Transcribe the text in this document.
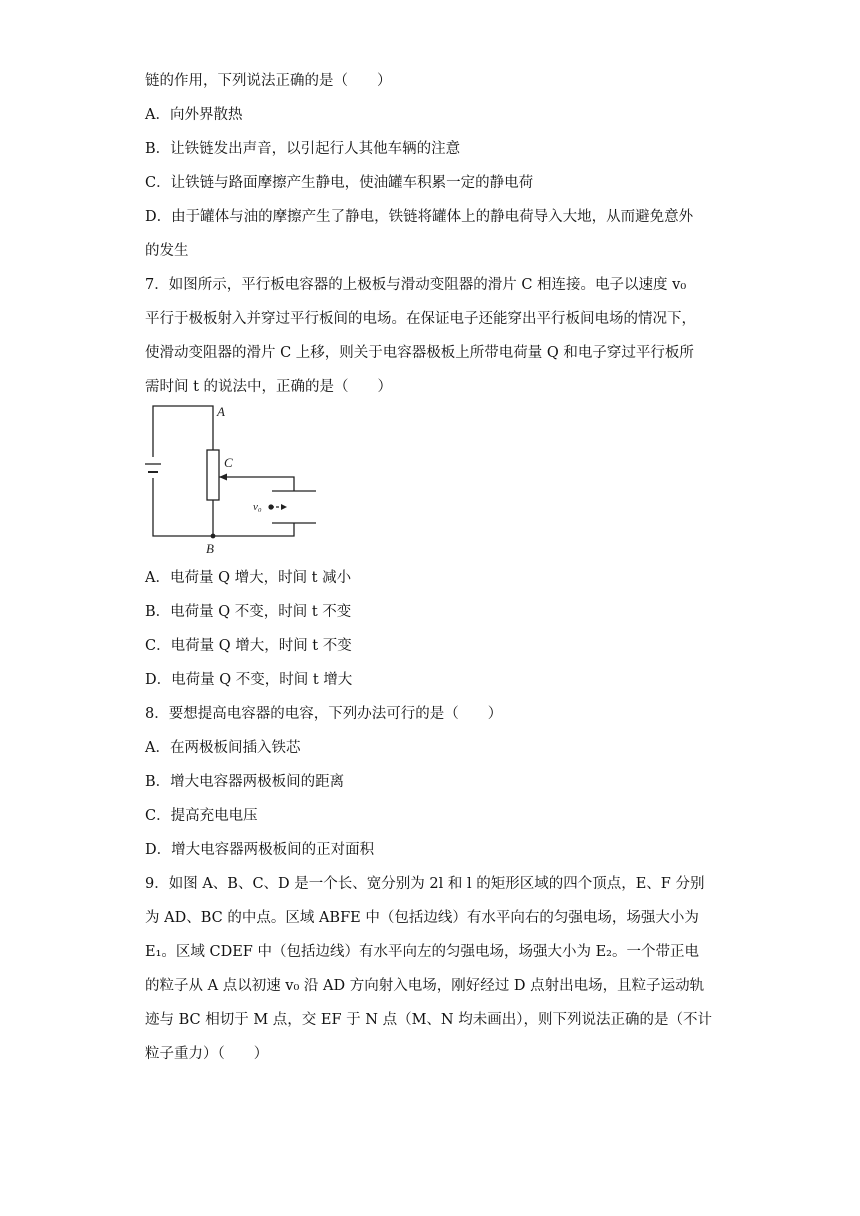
链的作用，下列说法正确的是（　　）
A．向外界散热
B．让铁链发出声音，以引起行人其他车辆的注意
C．让铁链与路面摩擦产生静电，使油罐车积累一定的静电荷
D．由于罐体与油的摩擦产生了静电，铁链将罐体上的静电荷导入大地，从而避免意外
的发生
7．如图所示，平行板电容器的上极板与滑动变阻器的滑片 C 相连接。电子以速度 v₀
平行于极板射入并穿过平行板间的电场。在保证电子还能穿出平行板间电场的情况下，
使滑动变阻器的滑片 C 上移，则关于电容器极板上所带电荷量 Q 和电子穿过平行板所
需时间 t 的说法中，正确的是（　　）
A
C
v₀
B
A．电荷量 Q 增大，时间 t 减小
B．电荷量 Q 不变，时间 t 不变
C．电荷量 Q 增大，时间 t 不变
D．电荷量 Q 不变，时间 t 增大
8．要想提高电容器的电容，下列办法可行的是（　　）
A．在两极板间插入铁芯
B．增大电容器两极板间的距离
C．提高充电电压
D．增大电容器两极板间的正对面积
9．如图 A、B、C、D 是一个长、宽分别为 2l 和 l 的矩形区域的四个顶点，E、F 分别
为 AD、BC 的中点。区域 ABFE 中（包括边线）有水平向右的匀强电场，场强大小为
E₁。区域 CDEF 中（包括边线）有水平向左的匀强电场，场强大小为 E₂。一个带正电
的粒子从 A 点以初速 v₀ 沿 AD 方向射入电场，刚好经过 D 点射出电场，且粒子运动轨
迹与 BC 相切于 M 点，交 EF 于 N 点（M、N 均未画出），则下列说法正确的是（不计
粒子重力）（　　）
